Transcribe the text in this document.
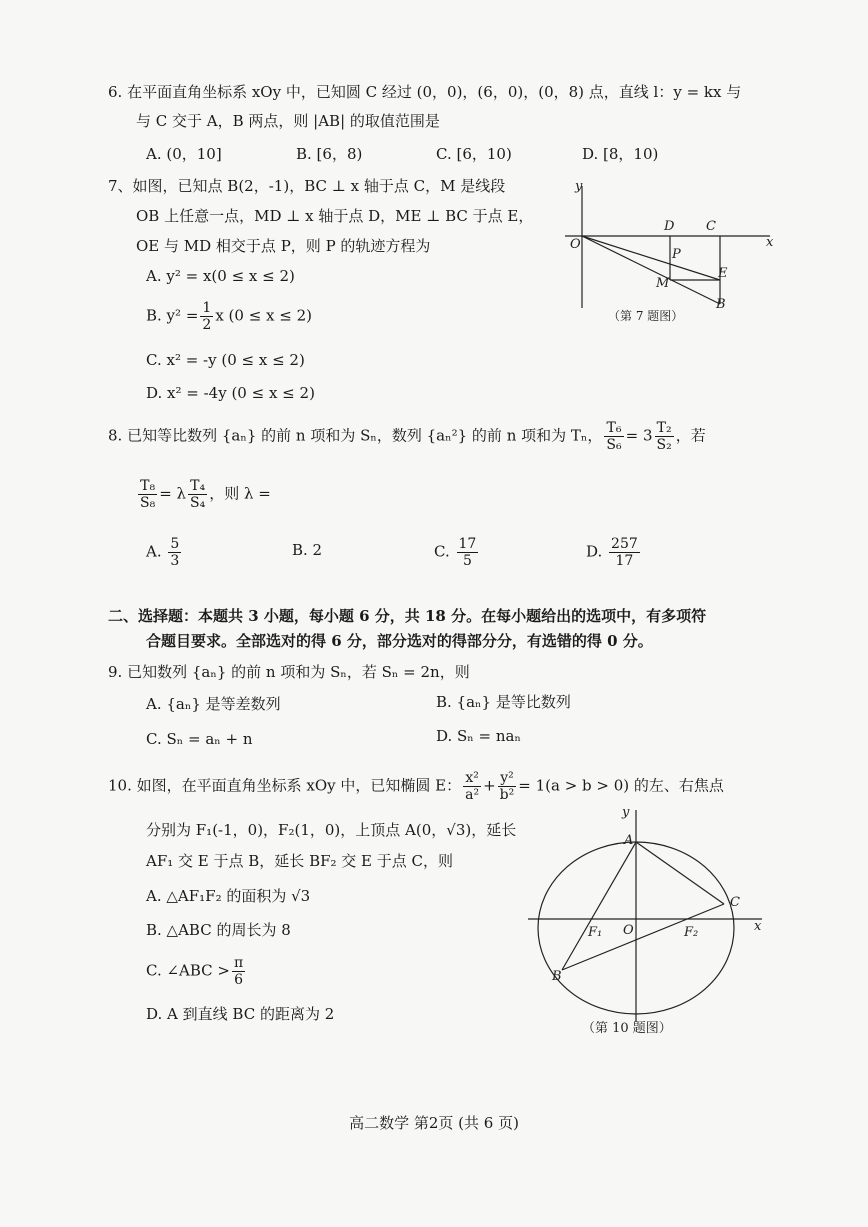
6. 在平面直角坐标系 xOy 中，已知圆 C 经过 (0，0)，(6，0)，(0，8) 点，直线 l：y = kx 与
与 C 交于 A，B 两点，则 |AB| 的取值范围是
A. (0，10]	B. [6，8)	C. [6，10)	D. [8，10)
7、如图，已知点 B(2，-1)，BC ⊥ x 轴于点 C，M 是线段
OB 上任意一点，MD ⊥ x 轴于点 D，ME ⊥ BC 于点 E，
OE 与 MD 相交于点 P，则 P 的轨迹方程为
A. y² = x(0 ≤ x ≤ 2)
B. $y^2 = \frac{1}{2}$ x (0 ≤ x ≤ 2)
C. x² = -y (0 ≤ x ≤ 2)
D. x² = -4y (0 ≤ x ≤ 2)
y
O
D C
x
P
M
E
B
（第 7 题图）
8. 已知等比数列 {aₙ} 的前 n 项和为 Sₙ，数列 {aₙ²} 的前 n 项和为 Tₙ， $\frac{\text{T₆}}{\text{S₆}} = 3 \frac{\text{T₂}}{\text{S₂}}$ ，若
$\frac{\text{T₈}}{\text{S₈}} = \lambda \frac{\text{T₄}}{\text{S₄}}$ ，则 λ =
A. $\frac{5}{3}$	B. 2	C. $\frac{17}{5}$	D. $\frac{257}{17}$
二、选择题：本题共 3 小题，每小题 6 分，共 18 分。在每小题给出的选项中，有多项符
合题目要求。全部选对的得 6 分，部分选对的得部分分，有选错的得 0 分。
9. 已知数列 {aₙ} 的前 n 项和为 Sₙ，若 Sₙ = 2n，则
A. {aₙ} 是等差数列	B. {aₙ} 是等比数列
C. Sₙ = aₙ + n	D. Sₙ = naₙ
10. 如图，在平面直角坐标系 xOy 中，已知椭圆 E： $\frac{\text{x²}}{\text{a²}} + \frac{\text{y²}}{\text{b²}} = 1(a > b > 0)$ 的左、右焦点
分别为 F₁(-1，0)，F₂(1，0)，上顶点 A(0，√3)，延长
AF₁ 交 E 于点 B，延长 BF₂ 交 E 于点 C，则
A. △AF₁F₂ 的面积为 √3
B. △ABC 的周长为 8
C. ∠ABC > $\frac{\pi}{6}$
D. A 到直线 BC 的距离为 2
y
A
C
F₁ O	F₂	x
B
（第 10 题图）
高二数学 第2页 (共 6 页)
